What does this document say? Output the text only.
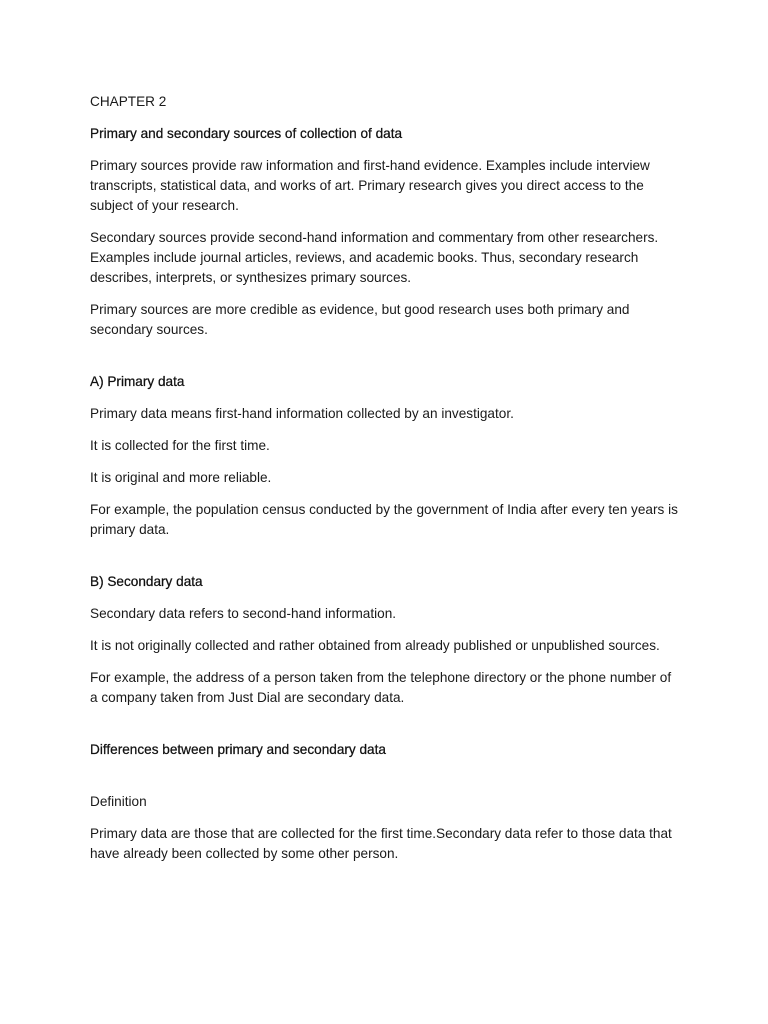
CHAPTER 2

Primary and secondary sources of collection of data

Primary sources provide raw information and first-hand evidence. Examples include interview transcripts, statistical data, and works of art. Primary research gives you direct access to the subject of your research.

Secondary sources provide second-hand information and commentary from other researchers. Examples include journal articles, reviews, and academic books. Thus, secondary research describes, interprets, or synthesizes primary sources.

Primary sources are more credible as evidence, but good research uses both primary and secondary sources.

A) Primary data

Primary data means first-hand information collected by an investigator.

It is collected for the first time.

It is original and more reliable.

For example, the population census conducted by the government of India after every ten years is primary data.

B) Secondary data

Secondary data refers to second-hand information.

It is not originally collected and rather obtained from already published or unpublished sources.

For example, the address of a person taken from the telephone directory or the phone number of a company taken from Just Dial are secondary data.

Differences between primary and secondary data

Definition

Primary data are those that are collected for the first time.Secondary data refer to those data that have already been collected by some other person.
